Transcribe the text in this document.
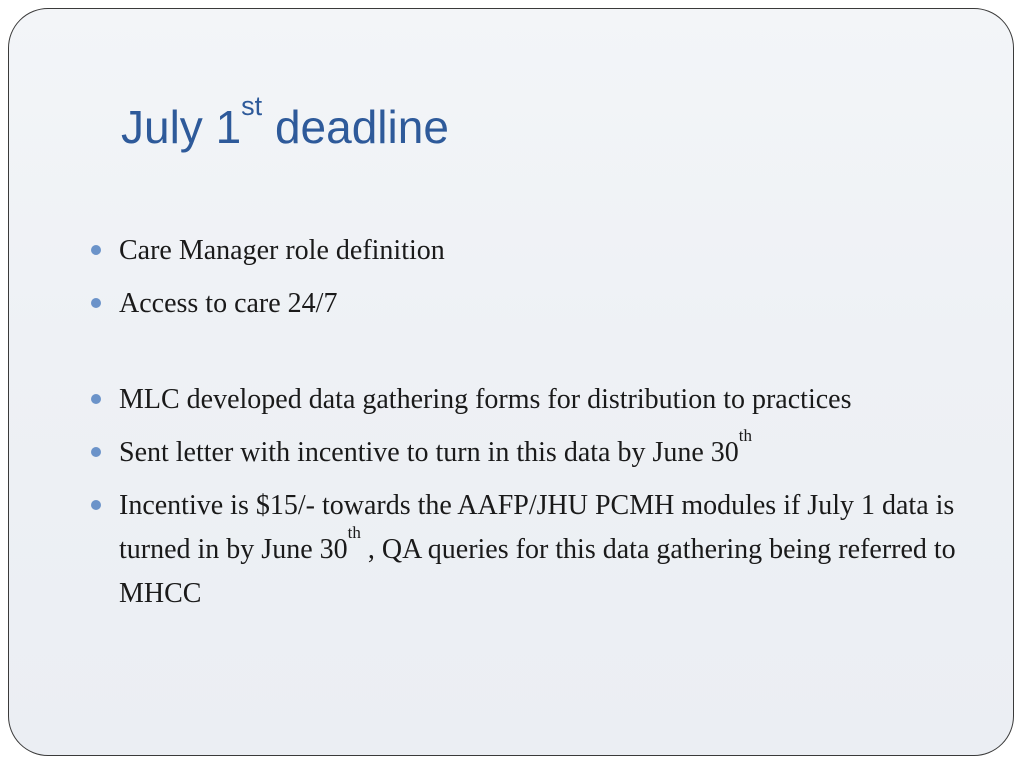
July 1st deadline
Care Manager role definition
Access to care 24/7
MLC developed data gathering forms for distribution to practices
Sent letter with incentive to turn in this data by June 30th
Incentive is $15/- towards the AAFP/JHU PCMH modules if July 1 data is turned in by June 30th , QA queries for this data gathering being referred to MHCC
